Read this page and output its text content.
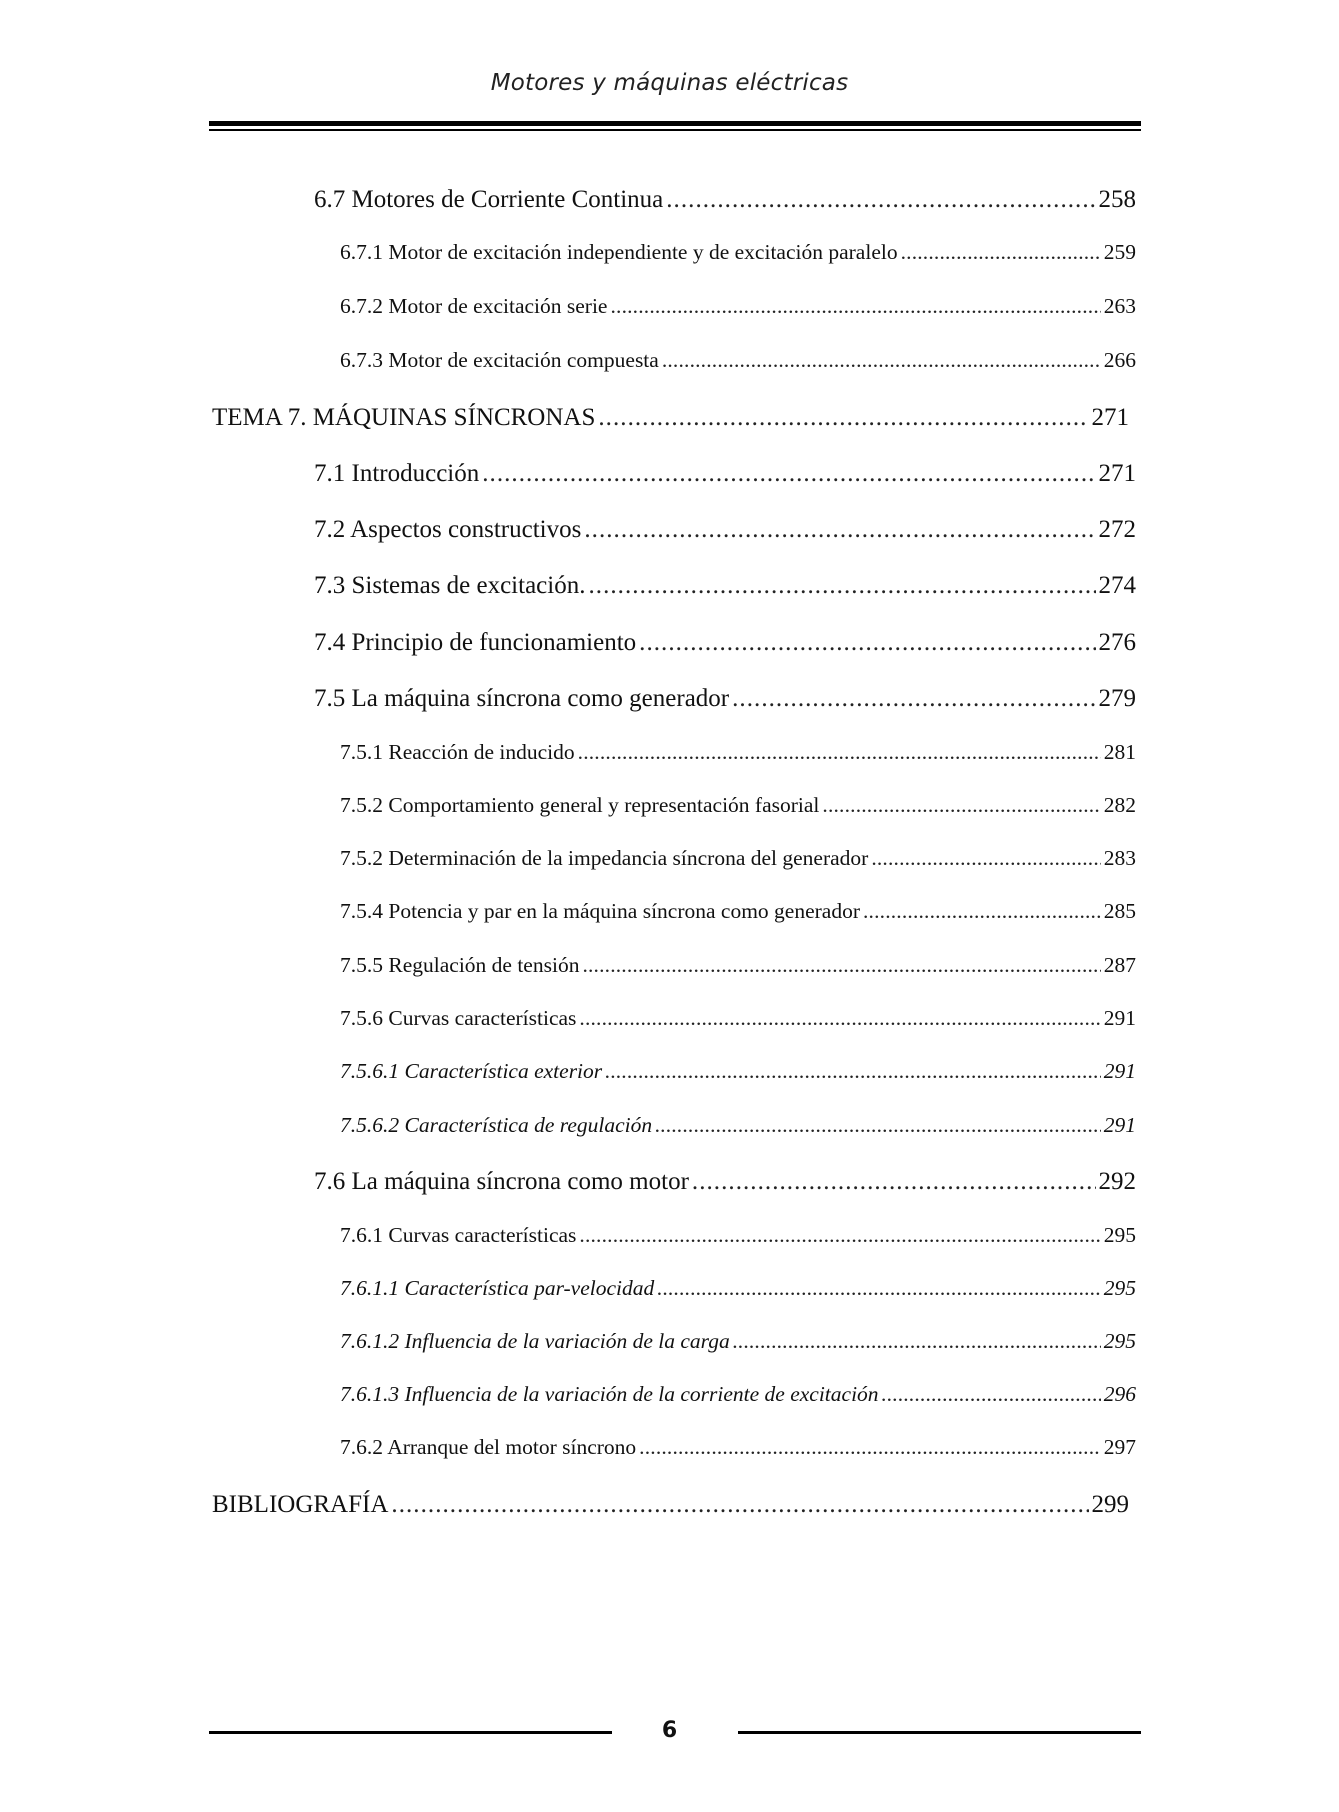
Motores y máquinas eléctricas
6.7 Motores de Corriente Continua . . .	258
6.7.1 Motor de excitación independiente y de excitación paralelo . . .	259
6.7.2 Motor de excitación serie . . .	263
6.7.3 Motor de excitación compuesta . . .	266
TEMA 7. MÁQUINAS SÍNCRONAS . . .	271
7.1 Introducción . . .	271
7.2 Aspectos constructivos . . .	272
7.3 Sistemas de excitación. . . .	274
7.4 Principio de funcionamiento . . .	276
7.5 La máquina síncrona como generador . . .	279
7.5.1 Reacción de inducido . . .	281
7.5.2 Comportamiento general y representación fasorial . . .	282
7.5.2 Determinación de la impedancia síncrona del generador . . .	283
7.5.4 Potencia y par en la máquina síncrona como generador . . .	285
7.5.5 Regulación de tensión . . .	287
7.5.6 Curvas características . . .	291
7.5.6.1 Característica exterior . . .	291
7.5.6.2 Característica de regulación . . .	291
7.6 La máquina síncrona como motor . . .	292
7.6.1 Curvas características . . .	295
7.6.1.1 Característica par-velocidad . . .	295
7.6.1.2 Influencia de la variación de la carga . . .	295
7.6.1.3 Influencia de la variación de la corriente de excitación . . .	296
7.6.2 Arranque del motor síncrono . . .	297
BIBLIOGRAFÍA . . .	299
6
